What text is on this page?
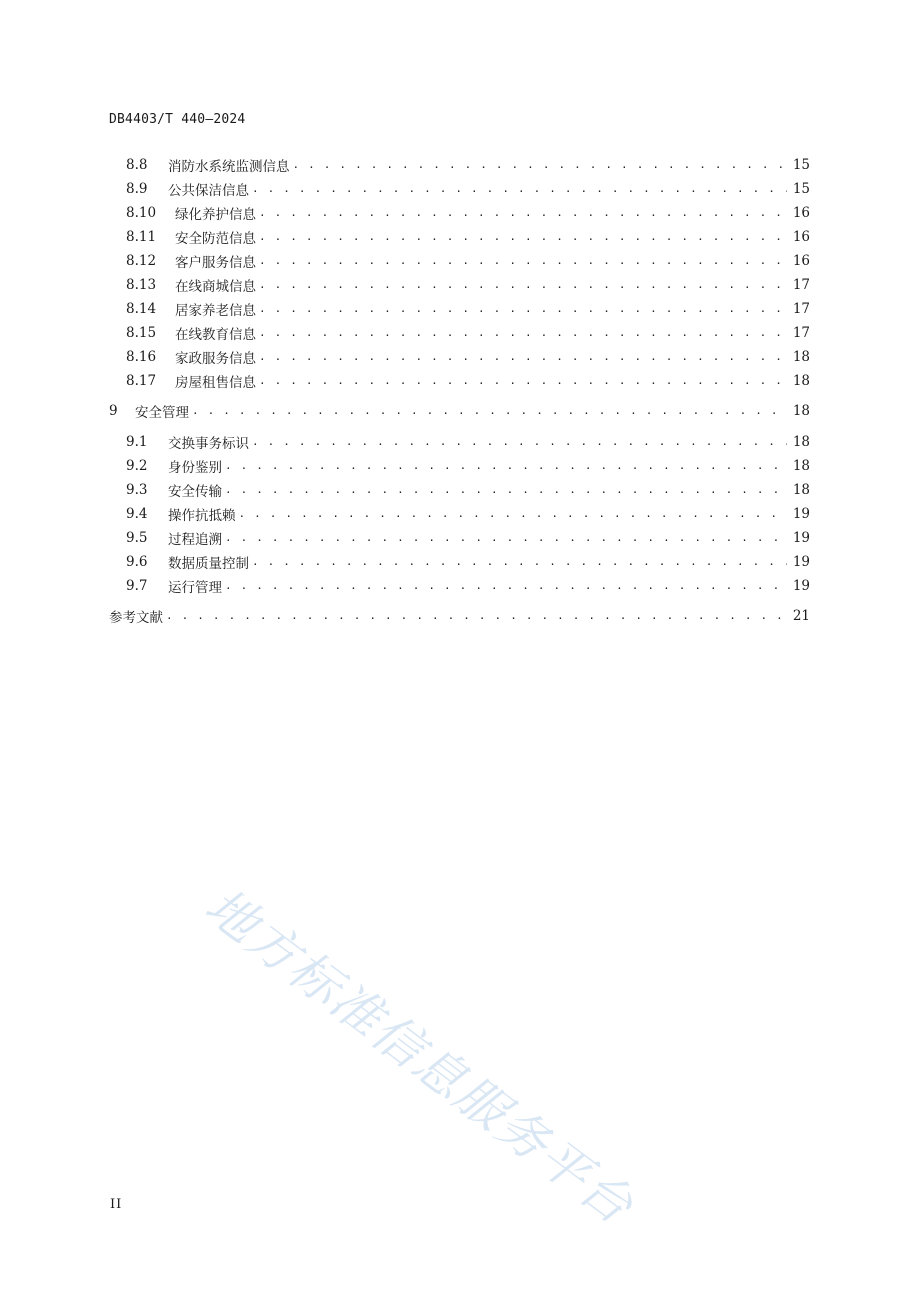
DB4403/T 440—2024
8.8	消防水系统监测信息 . . .	15
8.9	公共保洁信息 . . .	15
8.10	绿化养护信息 . . .	16
8.11	安全防范信息 . . .	16
8.12	客户服务信息 . . .	16
8.13	在线商城信息 . . .	17
8.14	居家养老信息 . . .	17
8.15	在线教育信息 . . .	17
8.16	家政服务信息 . . .	18
8.17	房屋租售信息 . . .	18
9	安全管理 . . .	18
9.1	交换事务标识 . . .	18
9.2	身份鉴别 . . .	18
9.3	安全传输 . . .	18
9.4	操作抗抵赖 . . .	19
9.5	过程追溯 . . .	19
9.6	数据质量控制 . . .	19
9.7	运行管理 . . .	19
参考文献 . . .	21
地方标准信息服务平台
II
